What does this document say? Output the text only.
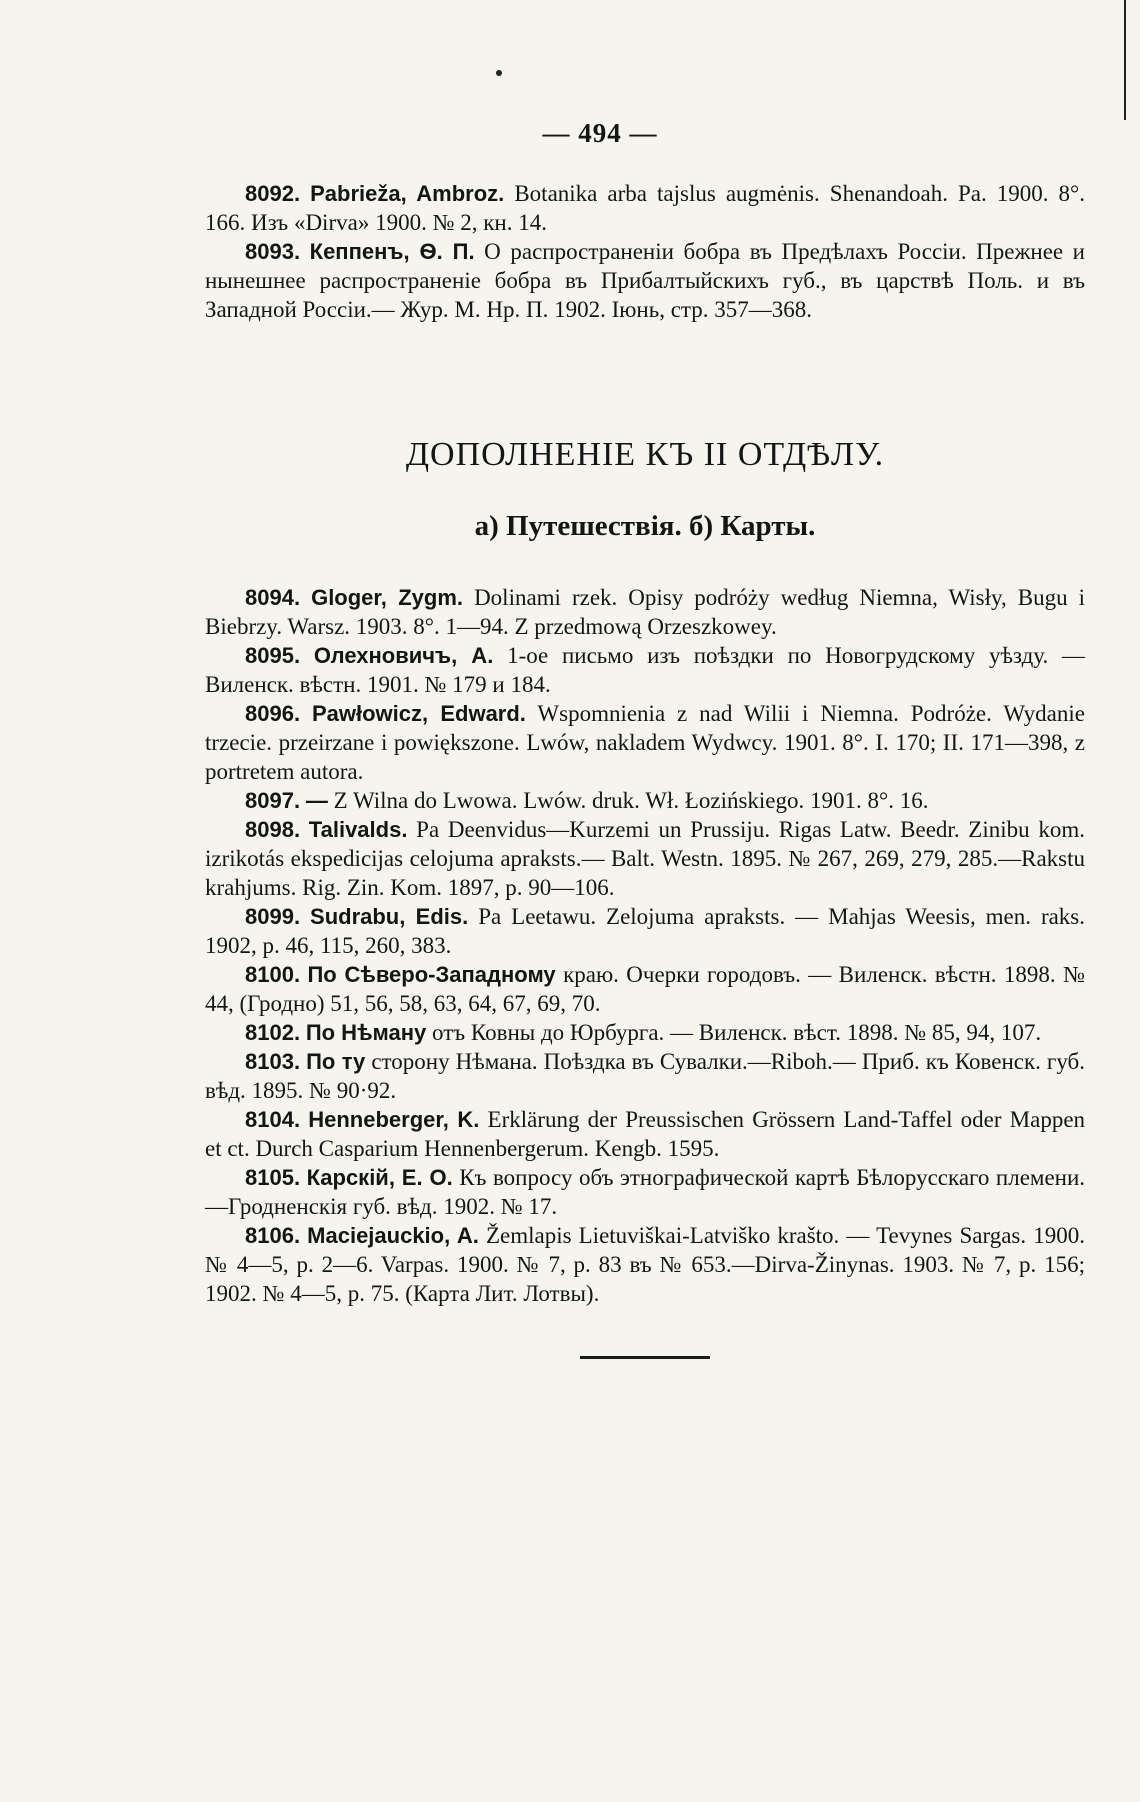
— 494 —

8092. Pabrieža, Ambroz. Botanika arba tajslus augmėnis. Shenandoah. Pa. 1900. 8°. 166. Изъ «Dirva» 1900. № 2, кн. 14.

8093. Кеппенъ, Ѳ. П. О распространеніи бобра въ Предѣлахъ Россіи. Прежнее и нынешнее распространеніе бобра въ Прибалтыйскихъ губ., въ царствѣ Поль. и въ Западной Россіи.— Жур. М. Нр. П. 1902. Іюнь, стр. 357—368.

ДОПОЛНЕНІЕ КЪ II ОТДѢЛУ.
а) Путешествія. б) Карты.

8094. Gloger, Zygm. Dolinami rzek. Opisy podróży według Niemna, Wisły, Bugu i Biebrzy. Warsz. 1903. 8°. 1—94. Z przedmową Orzeszkowey.

8095. Олехновичъ, А. 1-ое письмо изъ поѣздки по Новогрудскому уѣзду. — Виленск. вѣстн. 1901. № 179 и 184.

8096. Pawłowicz, Edward. Wspomnienia z nad Wilii i Niemna. Podróże. Wydanie trzecie. przeirzane i powiększone. Lwów, nakladem Wydwcy. 1901. 8°. I. 170; II. 171—398, z portretem autora.

8097. — Z Wilna do Lwowa. Lwów. druk. Wł. Łozińskiego. 1901. 8°. 16.

8098. Talivalds. Pa Deenvidus—Kurzemi un Prussiju. Rigas Latw. Beedr. Zinibu kom. izrikotás ekspedicijas celojuma apraksts.— Balt. Westn. 1895. № 267, 269, 279, 285.—Rakstu krahjums. Rig. Zin. Kom. 1897, p. 90—106.

8099. Sudrabu, Edis. Pa Leetawu. Zelojuma apraksts. — Mahjas Weesis, men. raks. 1902, p. 46, 115, 260, 383.

8100. По Сѣверо-Западному краю. Очерки городовъ. — Виленск. вѣстн. 1898. № 44, (Гродно) 51, 56, 58, 63, 64, 67, 69, 70.

8102. По Нѣману отъ Ковны до Юрбурга. — Виленск. вѣст. 1898. № 85, 94, 107.

8103. По ту сторону Нѣмана. Поѣздка въ Сувалки.—Riboh.— Приб. къ Ковенск. губ. вѣд. 1895. № 90·92.

8104. Henneberger, K. Erklärung der Preussischen Grössern Land-Taffel oder Mappen et ct. Durch Casparium Hennenbergerum. Kengb. 1595.

8105. Карскій, Е. О. Къ вопросу объ этнографической картѣ Бѣлорусскаго племени.—Гродненскія губ. вѣд. 1902. № 17.

8106. Maciejauckio, A. Žemlapis Lietuviškai-Latviško krašto. — Tevynes Sargas. 1900. № 4—5, p. 2—6. Varpas. 1900. № 7, p. 83 въ № 653.—Dirva-Žinynas. 1903. № 7, p. 156; 1902. № 4—5, p. 75. (Карта Лит. Лотвы).
